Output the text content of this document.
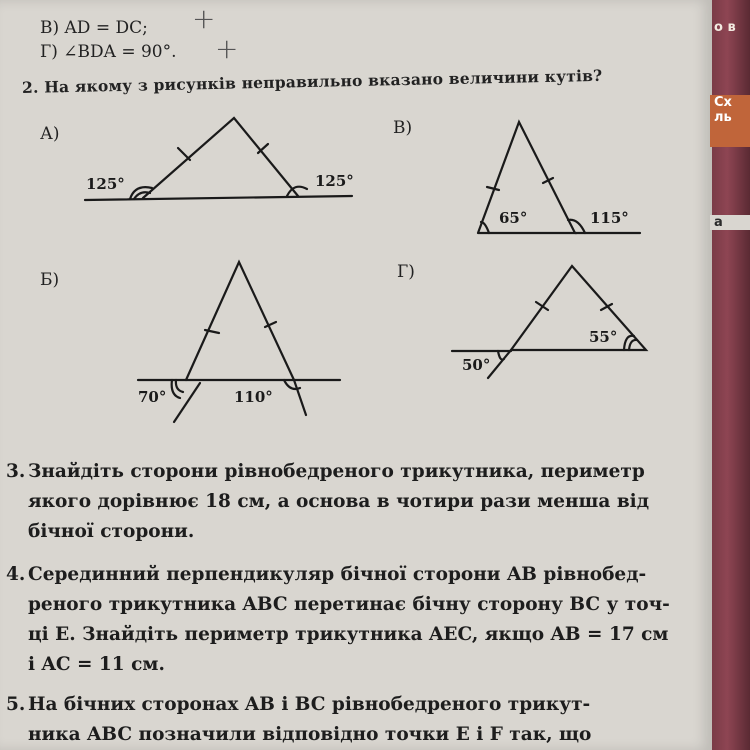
В) AD = DC; +
Г) ∠BDA = 90°. +
2. На якому з рисунків неправильно вказано величини кутів?
А)	В)
Б)	Г)
125°	125°
65°	115°
70°	110°
50°
55°
3. Знайдіть сторони рівнобедреного трикутника, периметр
якого дорівнює 18 см, а основа в чотири рази менша від
бічної сторони.
4. Серединний перпендикуляр бічної сторони AB рівнобед-
реного трикутника ABC перетинає бічну сторону BC у точ-
ці E. Знайдіть периметр трикутника AEC, якщо AB = 17 см
і AC = 11 см.
5. На бічних сторонах AB і BC рівнобедреного трикут-
ника ABC позначили відповідно точки E і F так, що
о в
Сх ль
а
